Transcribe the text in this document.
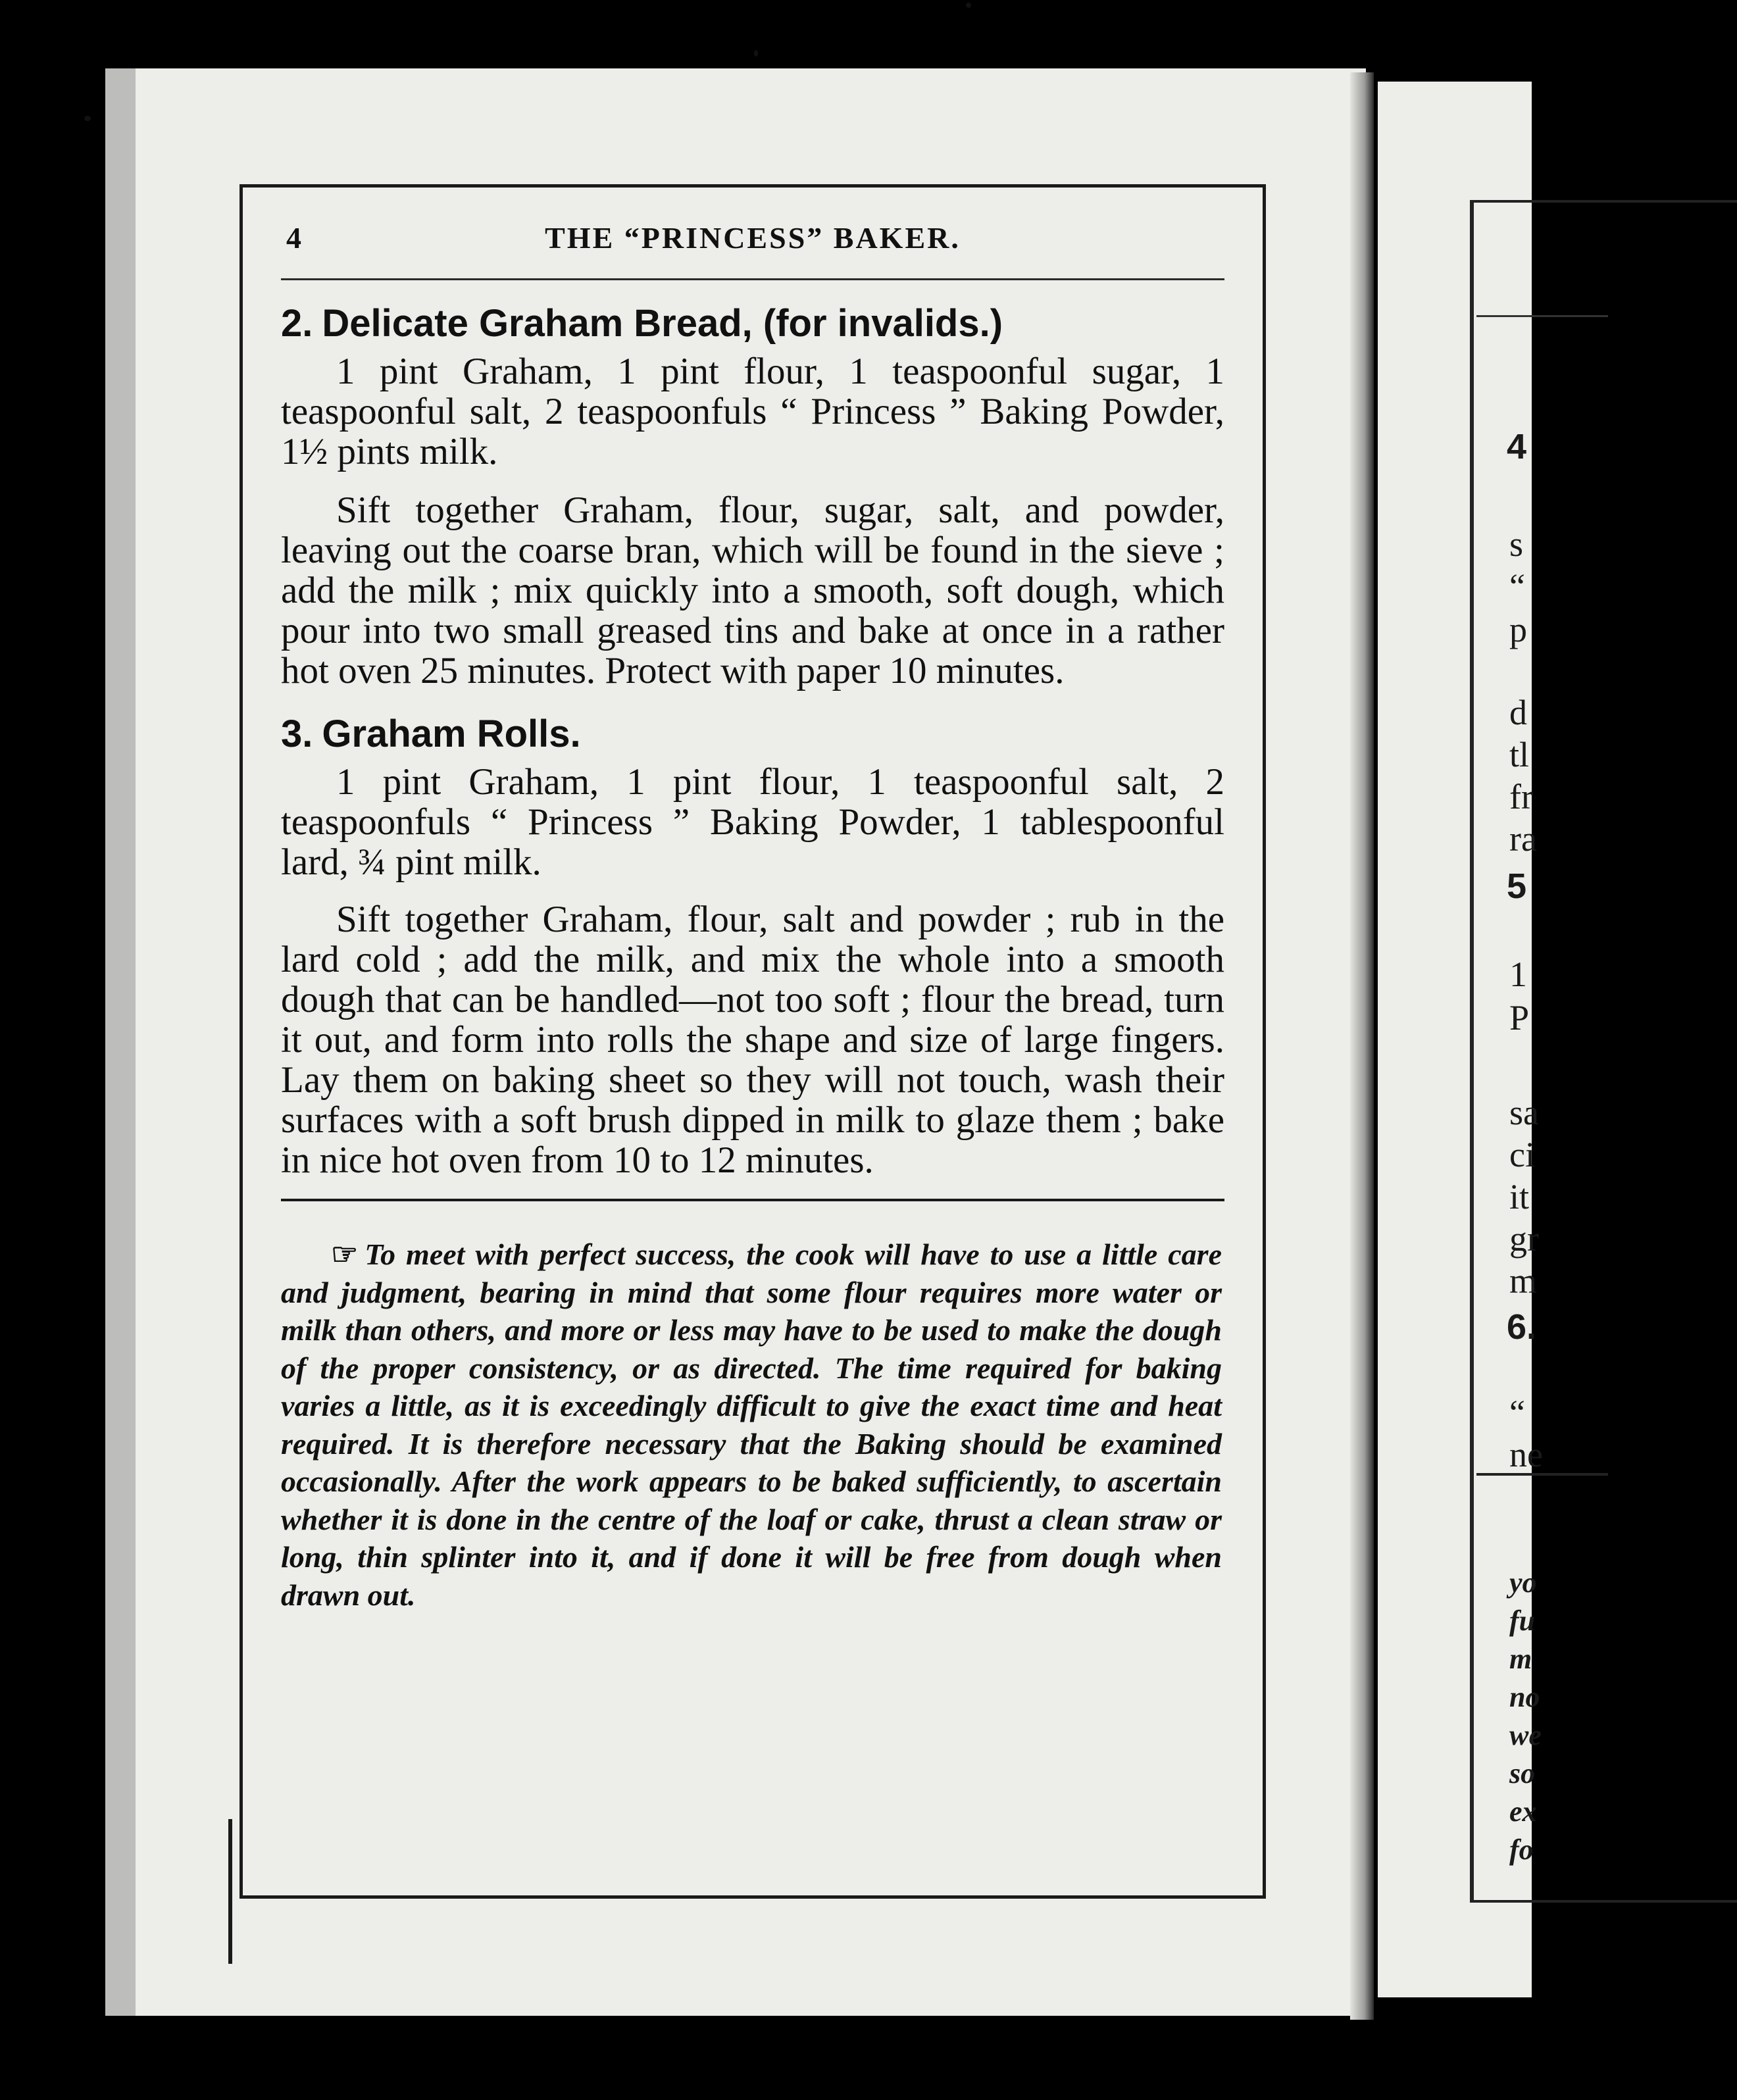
4
s
“
p
d
tl
fr
ra
5
1
P
sa
ci
it
gr
m
6.
“
ne
yo
fu
m
no
we
so
ex
fo
4	THE “PRINCESS” BAKER.
2. Delicate Graham Bread, (for invalids.)

1 pint Graham, 1 pint flour, 1 teaspoonful sugar, 1 teaspoonful salt, 2 teaspoonfuls “ Princess ” Baking Powder, 1½ pints milk.

Sift together Graham, flour, sugar, salt, and powder, leaving out the coarse bran, which will be found in the sieve ; add the milk ; mix quickly into a smooth, soft dough, which pour into two small greased tins and bake at once in a rather hot oven 25 minutes. Protect with paper 10 minutes.

3. Graham Rolls.

1 pint Graham, 1 pint flour, 1 teaspoonful salt, 2 teaspoonfuls “ Princess ” Baking Powder, 1 tablespoonful lard, ¾ pint milk.

Sift together Graham, flour, salt and powder ; rub in the lard cold ; add the milk, and mix the whole into a smooth dough that can be handled—not too soft ; flour the bread, turn it out, and form into rolls the shape and size of large fingers. Lay them on baking sheet so they will not touch, wash their surfaces with a soft brush dipped in milk to glaze them ; bake in nice hot oven from 10 to 12 minutes.

☞ To meet with perfect success, the cook will have to use a little care and judgment, bearing in mind that some flour requires more water or milk than others, and more or less may have to be used to make the dough of the proper consistency, or as directed. The time required for baking varies a little, as it is exceedingly difficult to give the exact time and heat required. It is therefore necessary that the Baking should be examined occasionally. After the work appears to be baked sufficiently, to ascertain whether it is done in the centre of the loaf or cake, thrust a clean straw or long, thin splinter into it, and if done it will be free from dough when drawn out.
